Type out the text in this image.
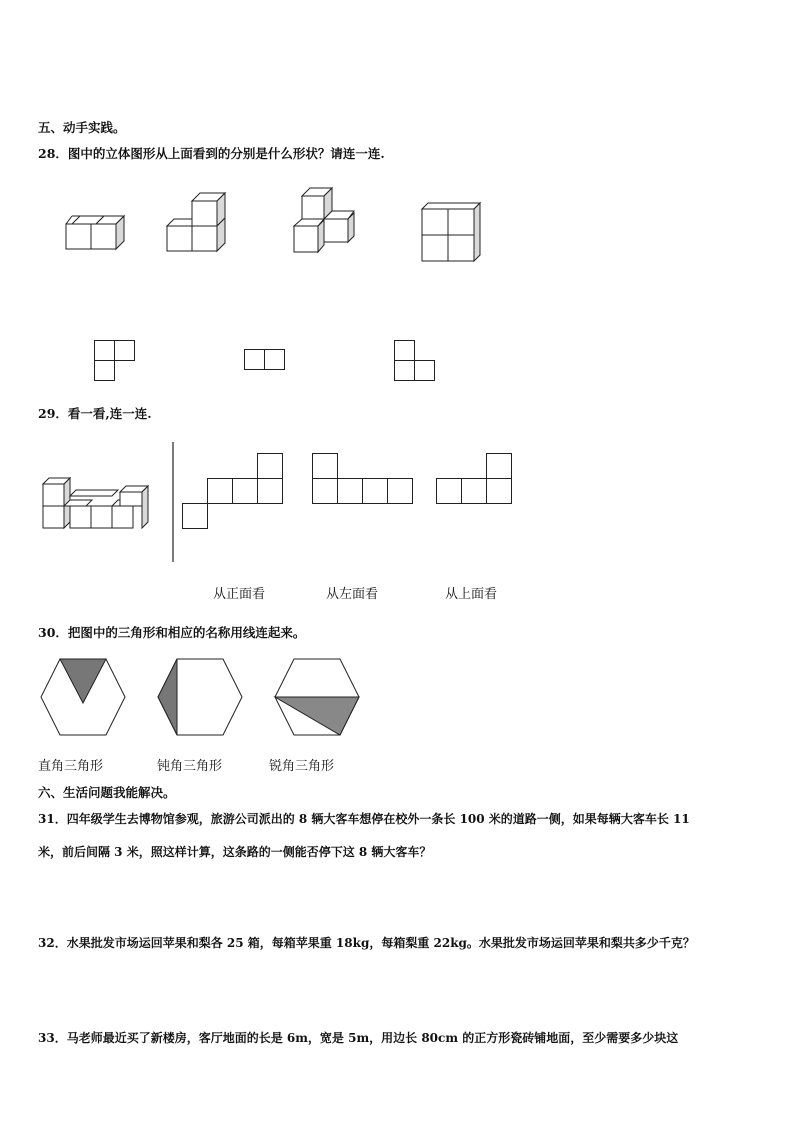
五、动手实践。
28．图中的立体图形从上面看到的分别是什么形状？请连一连.
29．看一看,连一连.
从正面看	从左面看	从上面看
30．把图中的三角形和相应的名称用线连起来。
直角三角形	钝角三角形	锐角三角形
六、生活问题我能解决。
31．四年级学生去博物馆参观，旅游公司派出的 8 辆大客车想停在校外一条长 100 米的道路一侧，如果每辆大客车长 11
米，前后间隔 3 米，照这样计算，这条路的一侧能否停下这 8 辆大客车？
32．水果批发市场运回苹果和梨各 25 箱，每箱苹果重 18kg，每箱梨重 22kg。水果批发市场运回苹果和梨共多少千克？
33．马老师最近买了新楼房，客厅地面的长是 6m，宽是 5m，用边长 80cm 的正方形瓷砖铺地面，至少需要多少块这
